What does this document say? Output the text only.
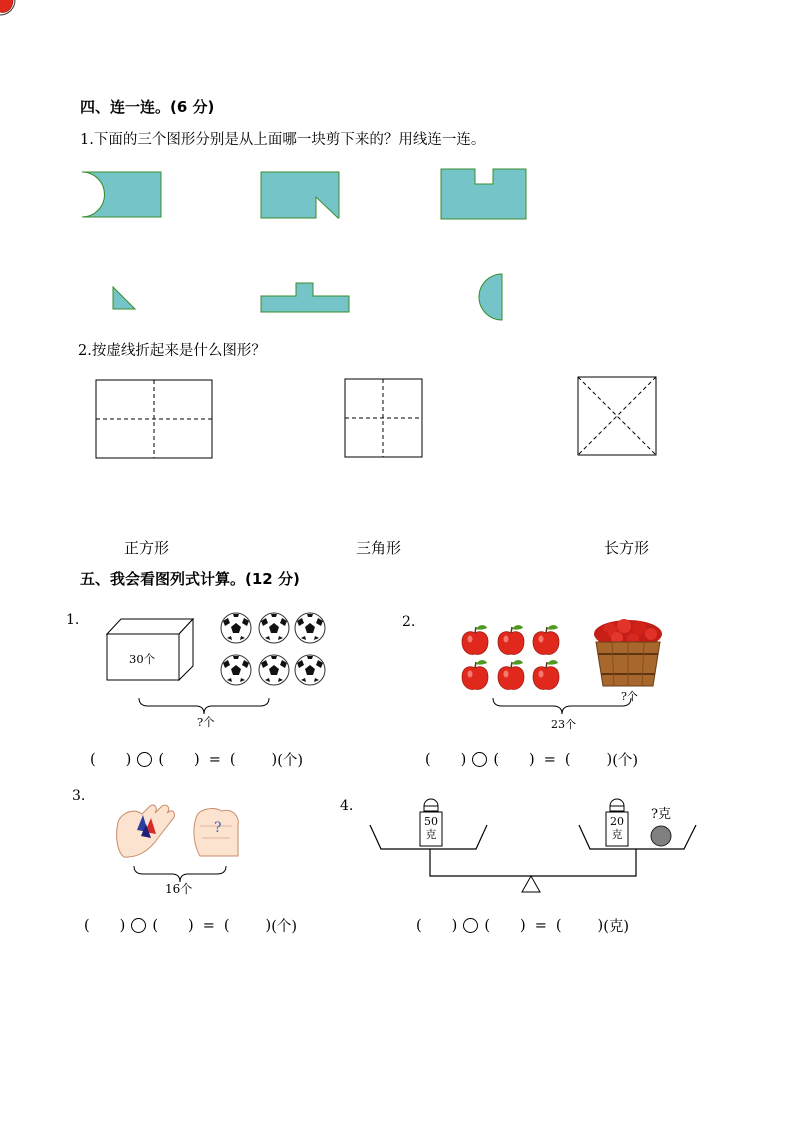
四、连一连。(6 分)
1.下面的三个图形分别是从上面哪一块剪下来的？用线连一连。
2.按虚线折起来是什么图形？
正方形	三角形	长方形
五、我会看图列式计算。(12 分)
1.
30个
?个
( ) ( ) = ( ) (个)
2.
?个
23个
( ) ( ) = ( ) (个)
3.
?
16个
( ) ( ) = ( ) (个)
4.
50
克
20
克
?克
( ) ( ) = ( ) (克)
